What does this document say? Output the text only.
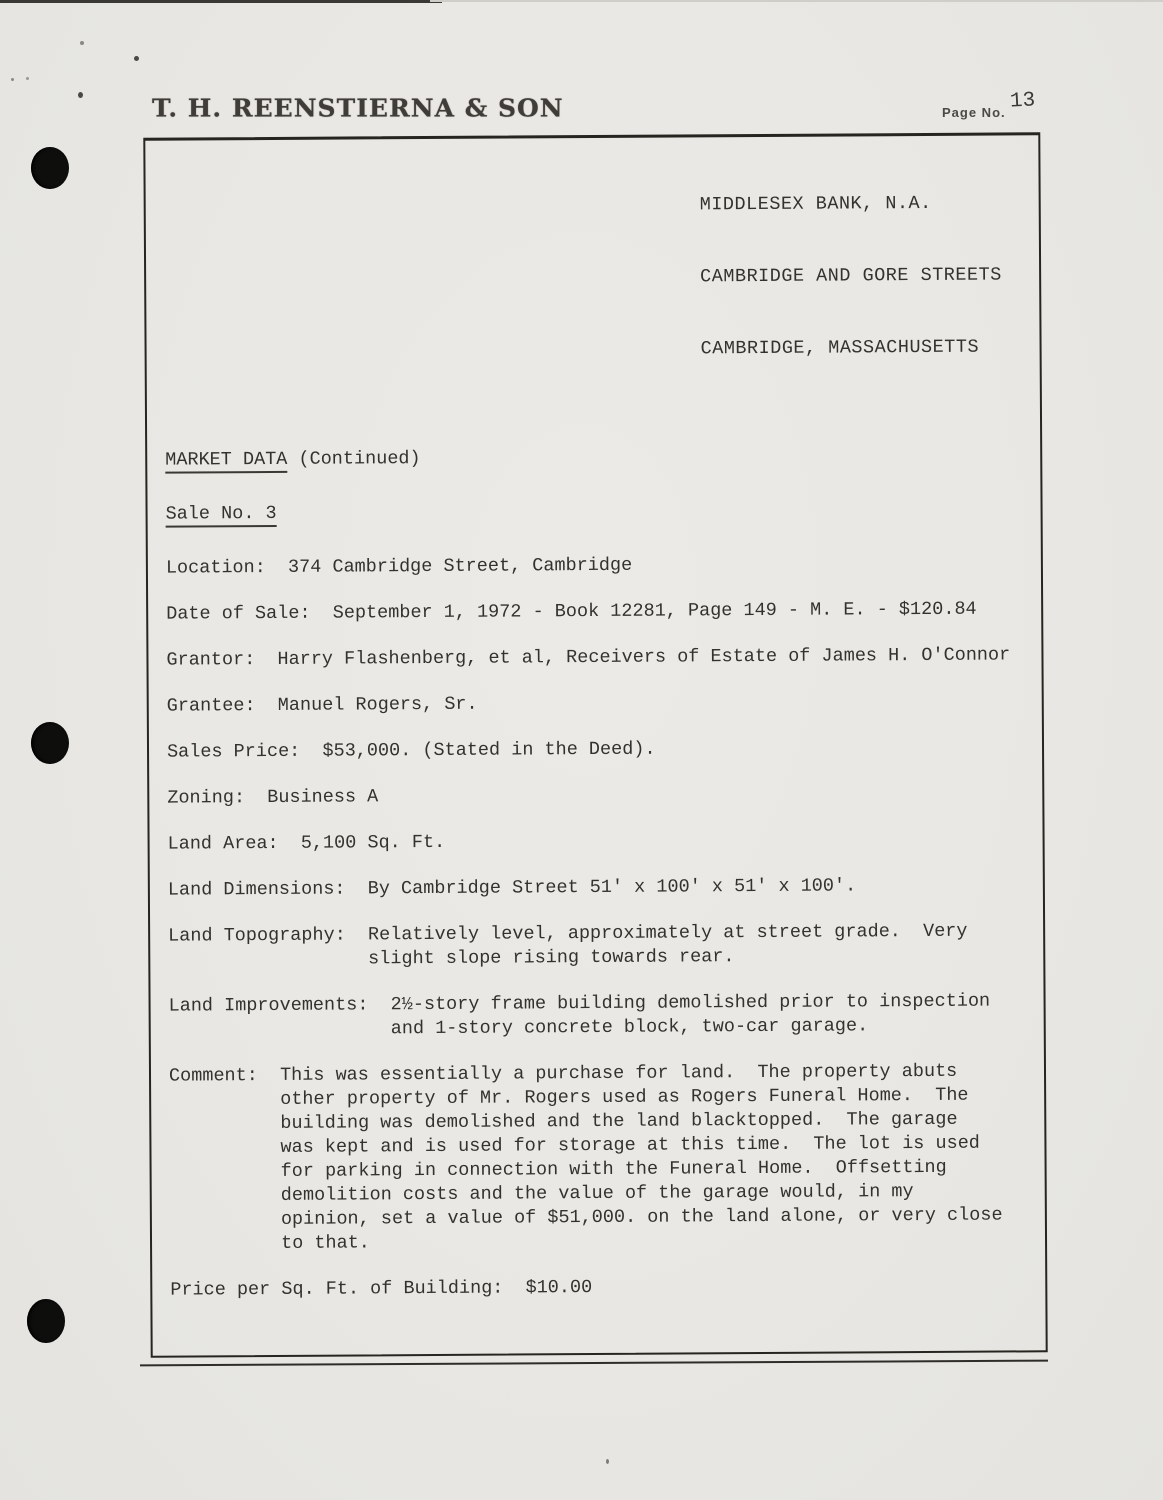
T. H. REENSTIERNA & SON	Page No. 13

MIDDLESEX BANK, N.A.

CAMBRIDGE AND GORE STREETS

CAMBRIDGE, MASSACHUSETTS

MARKET DATA (Continued)
Sale No. 3
Location: 374 Cambridge Street, Cambridge
Date of Sale: September 1, 1972 - Book 12281, Page 149 - M. E. - $120.84
Grantor: Harry Flashenberg, et al, Receivers of Estate of James H. O'Connor
Grantee: Manuel Rogers, Sr.
Sales Price: $53,000. (Stated in the Deed).
Zoning: Business A
Land Area: 5,100 Sq. Ft.
Land Dimensions: By Cambridge Street 51' x 100' x 51' x 100'.
Land Topography: Relatively level, approximately at street grade.  Very
slight slope rising towards rear.
Land Improvements: 2½-story frame building demolished prior to inspection
and 1-story concrete block, two-car garage.
Comment: This was essentially a purchase for land.  The property abuts
other property of Mr. Rogers used as Rogers Funeral Home.  The
building was demolished and the land blacktopped.  The garage
was kept and is used for storage at this time.  The lot is used
for parking in connection with the Funeral Home.  Offsetting
demolition costs and the value of the garage would, in my
opinion, set a value of $51,000. on the land alone, or very close
to that.
Price per Sq. Ft. of Building: $10.00
